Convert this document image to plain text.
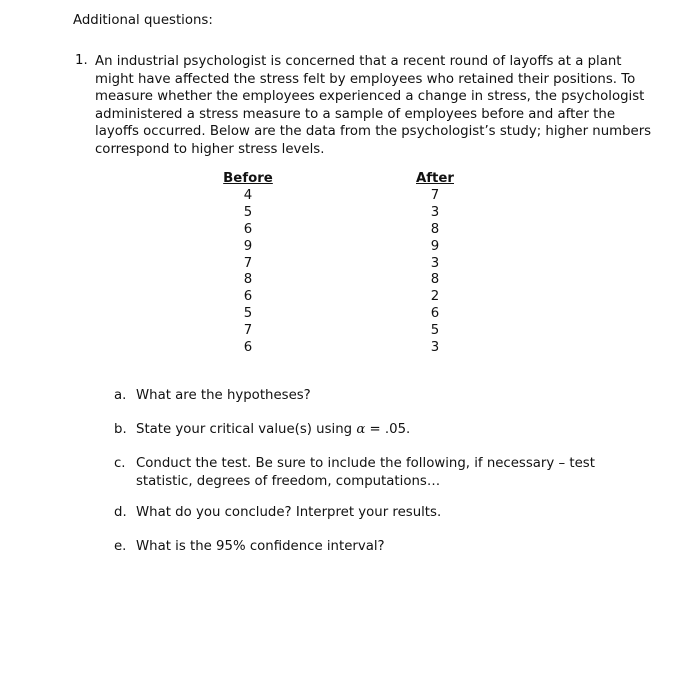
Additional questions:
1. An industrial psychologist is concerned that a recent round of layoffs at a plant might have affected the stress felt by employees who retained their positions. To measure whether the employees experienced a change in stress, the psychologist administered a stress measure to a sample of employees before and after the layoffs occurred. Below are the data from the psychologist’s study; higher numbers correspond to higher stress levels.

Before
4
5
6
9
7
8
6
5
7
6
After
7
3
8
9
3
8
2
6
5
3
a. What are the hypotheses?
b. State your critical value(s) using α = .05.
c. Conduct the test. Be sure to include the following, if necessary – test statistic, degrees of freedom, computations…
d. What do you conclude? Interpret your results.
e. What is the 95% confidence interval?
